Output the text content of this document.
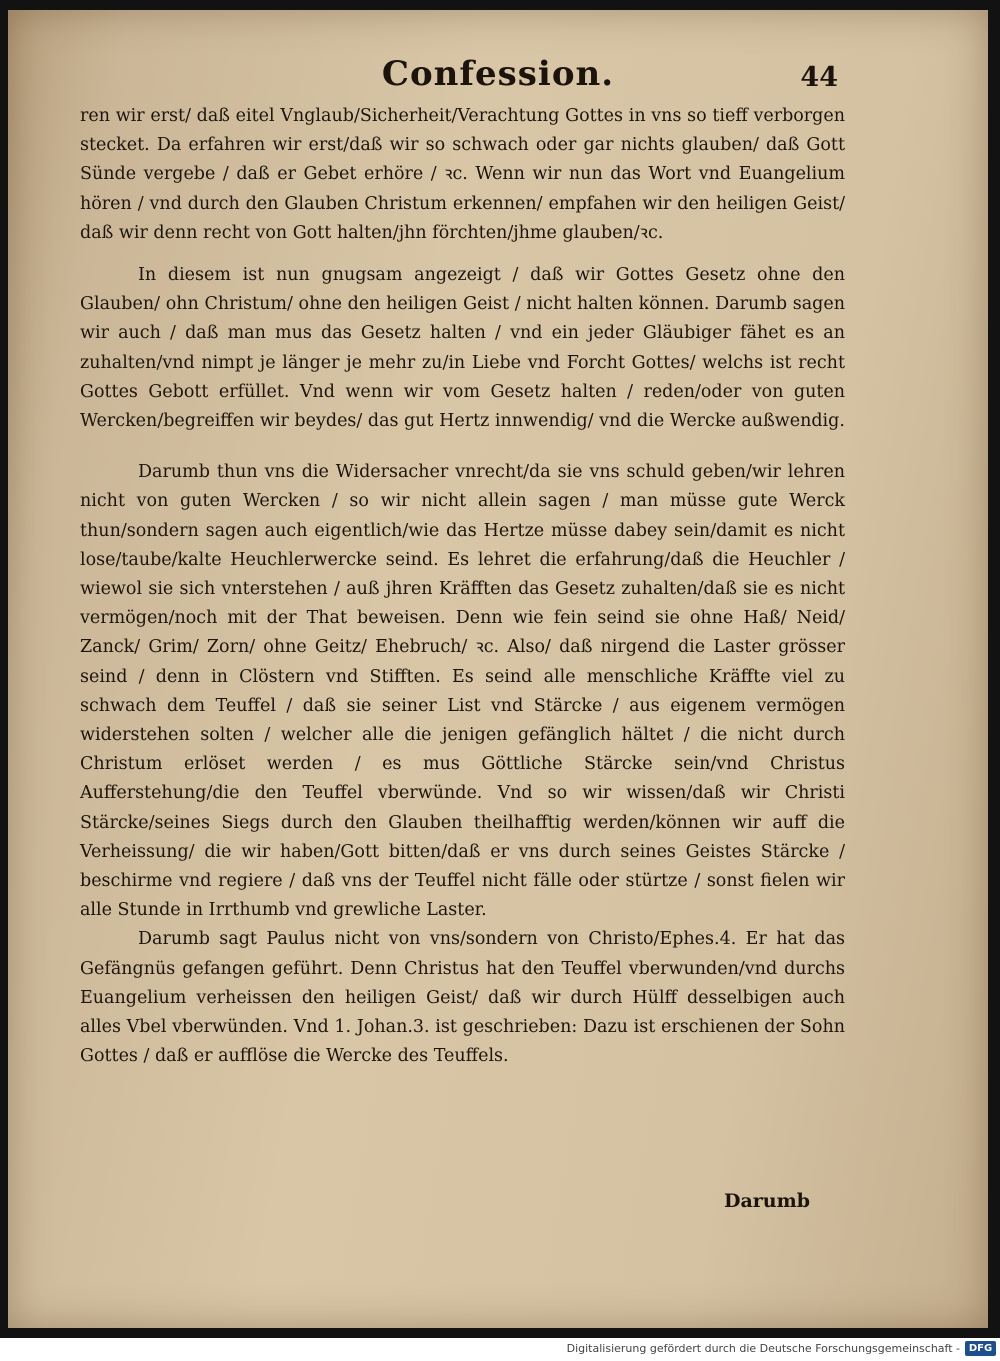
Confession.	44

ren wir erst/ daß eitel Vnglaub/Sicherheit/Verachtung Gottes in vns so tieff verborgen stecket. Da erfahren wir erst/daß wir so schwach oder gar nichts glauben/ daß Gott Sünde vergebe / daß er Gebet erhöre / ꝛc. Wenn wir nun das Wort vnd Euangelium hören / vnd durch den Glauben Christum erkennen/ empfahen wir den heiligen Geist/ daß wir denn recht von Gott halten/jhn förchten/jhme glauben/ꝛc.

In diesem ist nun gnugsam angezeigt / daß wir Gottes Gesetz ohne den Glauben/ ohn Christum/ ohne den heiligen Geist / nicht halten können. Darumb sagen wir auch / daß man mus das Gesetz halten / vnd ein jeder Gläubiger fähet es an zuhalten/vnd nimpt je länger je mehr zu/in Liebe vnd Forcht Gottes/ welchs ist recht Gottes Gebott erfüllet. Vnd wenn wir vom Gesetz halten / reden/oder von guten Wercken/begreiffen wir beydes/ das gut Hertz innwendig/ vnd die Wercke außwendig.

Darumb thun vns die Widersacher vnrecht/da sie vns schuld geben/wir lehren nicht von guten Wercken / so wir nicht allein sagen / man müsse gute Werck thun/sondern sagen auch eigentlich/wie das Hertze müsse dabey sein/damit es nicht lose/taube/kalte Heuchlerwercke seind. Es lehret die erfahrung/daß die Heuchler / wiewol sie sich vnterstehen / auß jhren Kräfften das Gesetz zuhalten/daß sie es nicht vermögen/noch mit der That beweisen. Denn wie fein seind sie ohne Haß/ Neid/ Zanck/ Grim/ Zorn/ ohne Geitz/ Ehebruch/ ꝛc. Also/ daß nirgend die Laster grösser seind / denn in Clöstern vnd Stifften. Es seind alle menschliche Kräffte viel zu schwach dem Teuffel / daß sie seiner List vnd Stärcke / aus eigenem vermögen widerstehen solten / welcher alle die jenigen gefänglich hältet / die nicht durch Christum erlöset werden / es mus Göttliche Stärcke sein/vnd Christus Aufferstehung/die den Teuffel vberwünde. Vnd so wir wissen/daß wir Christi Stärcke/seines Siegs durch den Glauben theilhafftig werden/können wir auff die Verheissung/ die wir haben/Gott bitten/daß er vns durch seines Geistes Stärcke / beschirme vnd regiere / daß vns der Teuffel nicht fälle oder stürtze / sonst fielen wir alle Stunde in Irrthumb vnd grewliche Laster.

Darumb sagt Paulus nicht von vns/sondern von Christo/Ephes.4. Er hat das Gefängnüs gefangen geführt. Denn Christus hat den Teuffel vberwunden/vnd durchs Euangelium verheissen den heiligen Geist/ daß wir durch Hülff desselbigen auch alles Vbel vberwünden. Vnd 1. Johan.3. ist geschrieben: Dazu ist erschienen der Sohn Gottes / daß er aufflöse die Wercke des Teuffels.

Darumb
Digitalisierung gefördert durch die Deutsche Forschungsgemeinschaft - DFG
